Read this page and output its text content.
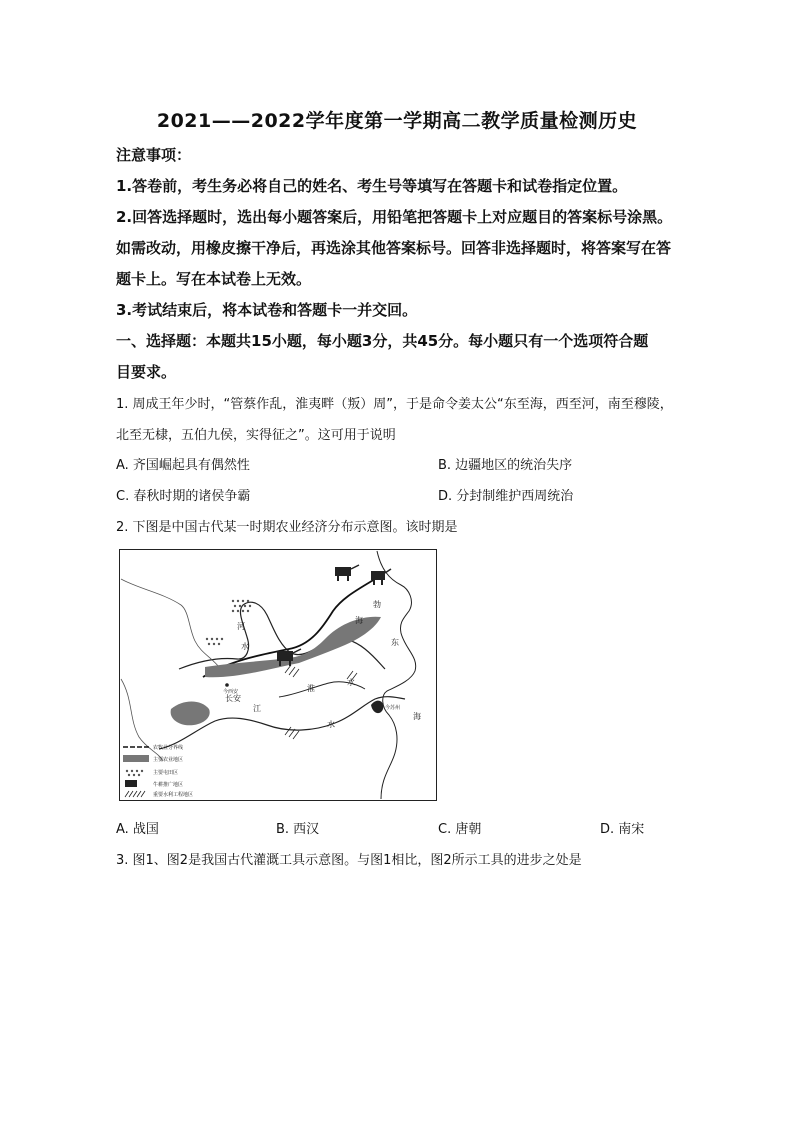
2021——2022学年度第一学期高二教学质量检测历史
注意事项：
1.答卷前，考生务必将自己的姓名、考生号等填写在答题卡和试卷指定位置。
2.回答选择题时，选出每小题答案后，用铅笔把答题卡上对应题目的答案标号涂黑。
如需改动，用橡皮擦干净后，再选涂其他答案标号。回答非选择题时，将答案写在答
题卡上。写在本试卷上无效。
3.考试结束后，将本试卷和答题卡一并交回。
一、选择题：本题共15小题，每小题3分，共45分。每小题只有一个选项符合题
目要求。
1. 周成王年少时，“管蔡作乱，淮夷畔（叛）周”，于是命令姜太公“东至海，西至河，南至穆陵，
北至无棣，五伯九侯，实得征之”。这可用于说明
A. 齐国崛起具有偶然性	B. 边疆地区的统治失序
C. 春秋时期的诸侯争霸	D. 分封制维护西周统治
2. 下图是中国古代某一时期农业经济分布示意图。该时期是
河
水
今西安
长安
勃
海
东
海
江
水
淮
水
今苏州
农牧业分界线
主要农业地区
主要屯田区
牛耕推广地区
重要水利工程地区
A. 战国	B. 西汉	C. 唐朝	D. 南宋
3. 图1、图2是我国古代灌溉工具示意图。与图1相比，图2所示工具的进步之处是
